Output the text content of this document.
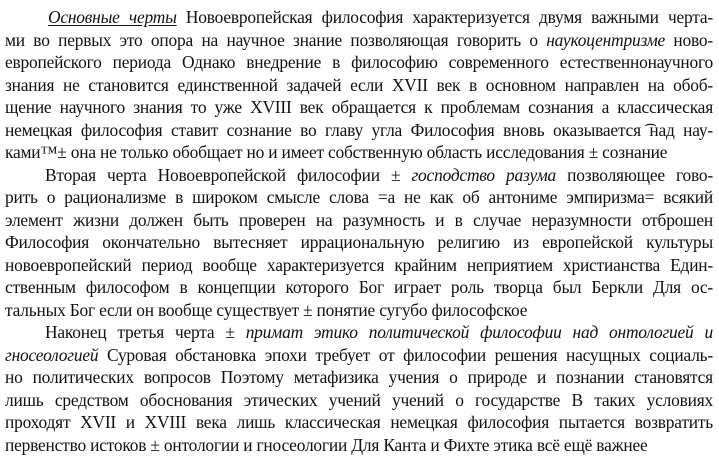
Основные черты Новоевропейская философия характеризуется двумя важными черта-
ми во первых это опора на научное знание позволяющая говорить о наукоцентризме ново-
европейского периода Однако внедрение в философию современного естественнонаучного
знания не становится единственной задачей если XVII век в основном направлен на обоб-
щение научного знания то уже XVIII век обращается к проблемам сознания а классическая
немецкая философия ставит сознание во главу угла Философия вновь оказывается ͡над нау-
ками™± она не только обобщает но и имеет собственную область исследования ± сознание
Вторая черта Новоевропейской философии ± господство разума позволяющее гово-
рить о рационализме в широком смысле слова =а не как об антониме эмпиризма= всякий
элемент жизни должен быть проверен на разумность и в случае неразумности отброшен
Философия окончательно вытесняет иррациональную религию из европейской культуры
новоевропейский период вообще характеризуется крайним неприятием христианства Един-
ственным философом в концепции которого Бог играет роль творца был Беркли Для ос-
тальных Бог если он вообще существует ± понятие сугубо философское
Наконец третья черта ± примат этико политической философии над онтологией и
гносеологией Суровая обстановка эпохи требует от философии решения насущных социаль-
но политических вопросов Поэтому метафизика учения о природе и познании становятся
лишь средством обоснования этических учений учений о государстве В таких условиях
проходят XVII и XVIII века лишь классическая немецкая философия пытается возвратить
первенство истоков ± онтологии и гносеологии Для Канта и Фихте этика всё ещё важнее
